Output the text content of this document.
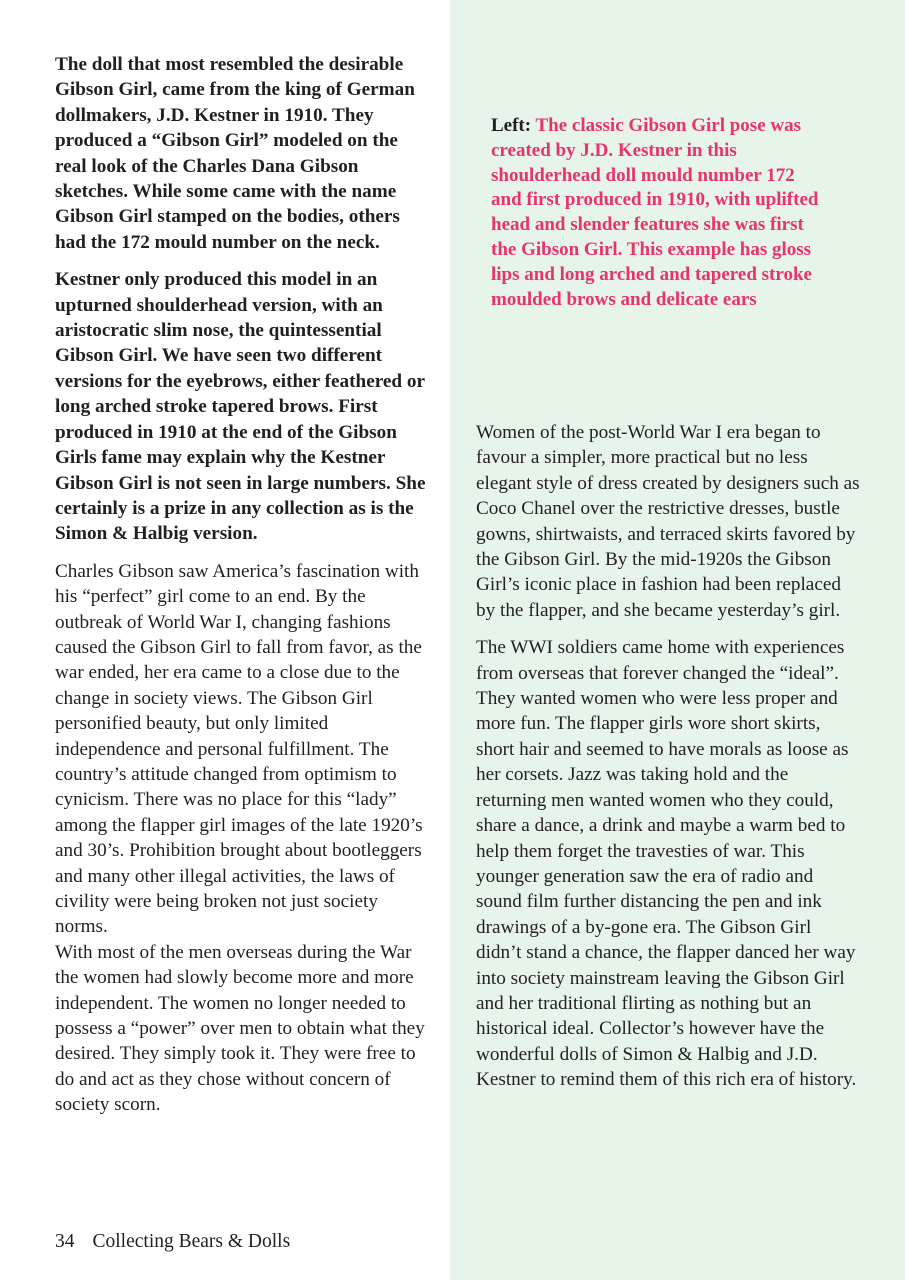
The doll that most resembled the desirable Gibson Girl, came from the king of German dollmakers, J.D. Kestner in 1910. They produced a “Gibson Girl” modeled on the real look of the Charles Dana Gibson sketches. While some came with the name Gibson Girl stamped on the bodies, others had the 172 mould number on the neck.

Kestner only produced this model in an upturned shoulderhead version, with an aristocratic slim nose, the quintessential Gibson Girl. We have seen two different versions for the eyebrows, either feathered or long arched stroke tapered brows. First produced in 1910 at the end of the Gibson Girls fame may explain why the Kestner Gibson Girl is not seen in large numbers. She certainly is a prize in any collection as is the Simon & Halbig version.

Charles Gibson saw America’s fascination with his “perfect” girl come to an end. By the outbreak of World War I, changing fashions caused the Gibson Girl to fall from favor, as the war ended, her era came to a close due to the change in society views. The Gibson Girl personified beauty, but only limited independence and personal fulfillment. The country’s attitude changed from optimism to cynicism. There was no place for this “lady” among the flapper girl images of the late 1920’s and 30’s. Prohibition brought about bootleggers and many other illegal activities, the laws of civility were being broken not just society norms.

With most of the men overseas during the War the women had slowly become more and more independent. The women no longer needed to possess a “power” over men to obtain what they desired. They simply took it. They were free to do and act as they chose without concern of society scorn.

Left: The classic Gibson Girl pose was created by J.D. Kestner in this shoulderhead doll mould number 172 and first produced in 1910, with uplifted head and slender features she was first the Gibson Girl. This example has gloss lips and long arched and tapered stroke moulded brows and delicate ears

Women of the post-World War I era began to favour a simpler, more practical but no less elegant style of dress created by designers such as Coco Chanel over the restrictive dresses, bustle gowns, shirtwaists, and terraced skirts favored by the Gibson Girl. By the mid-1920s the Gibson Girl’s iconic place in fashion had been replaced by the flapper, and she became yesterday’s girl.

The WWI soldiers came home with experiences from overseas that forever changed the “ideal”. They wanted women who were less proper and more fun. The flapper girls wore short skirts, short hair and seemed to have morals as loose as her corsets. Jazz was taking hold and the returning men wanted women who they could, share a dance, a drink and maybe a warm bed to help them forget the travesties of war. This younger generation saw the era of radio and sound film further distancing the pen and ink drawings of a by-gone era. The Gibson Girl didn’t stand a chance, the flapper danced her way into society mainstream leaving the Gibson Girl and her traditional flirting as nothing but an historical ideal. Collector’s however have the wonderful dolls of Simon & Halbig and J.D. Kestner to remind them of this rich era of history.

34 Collecting Bears & Dolls
